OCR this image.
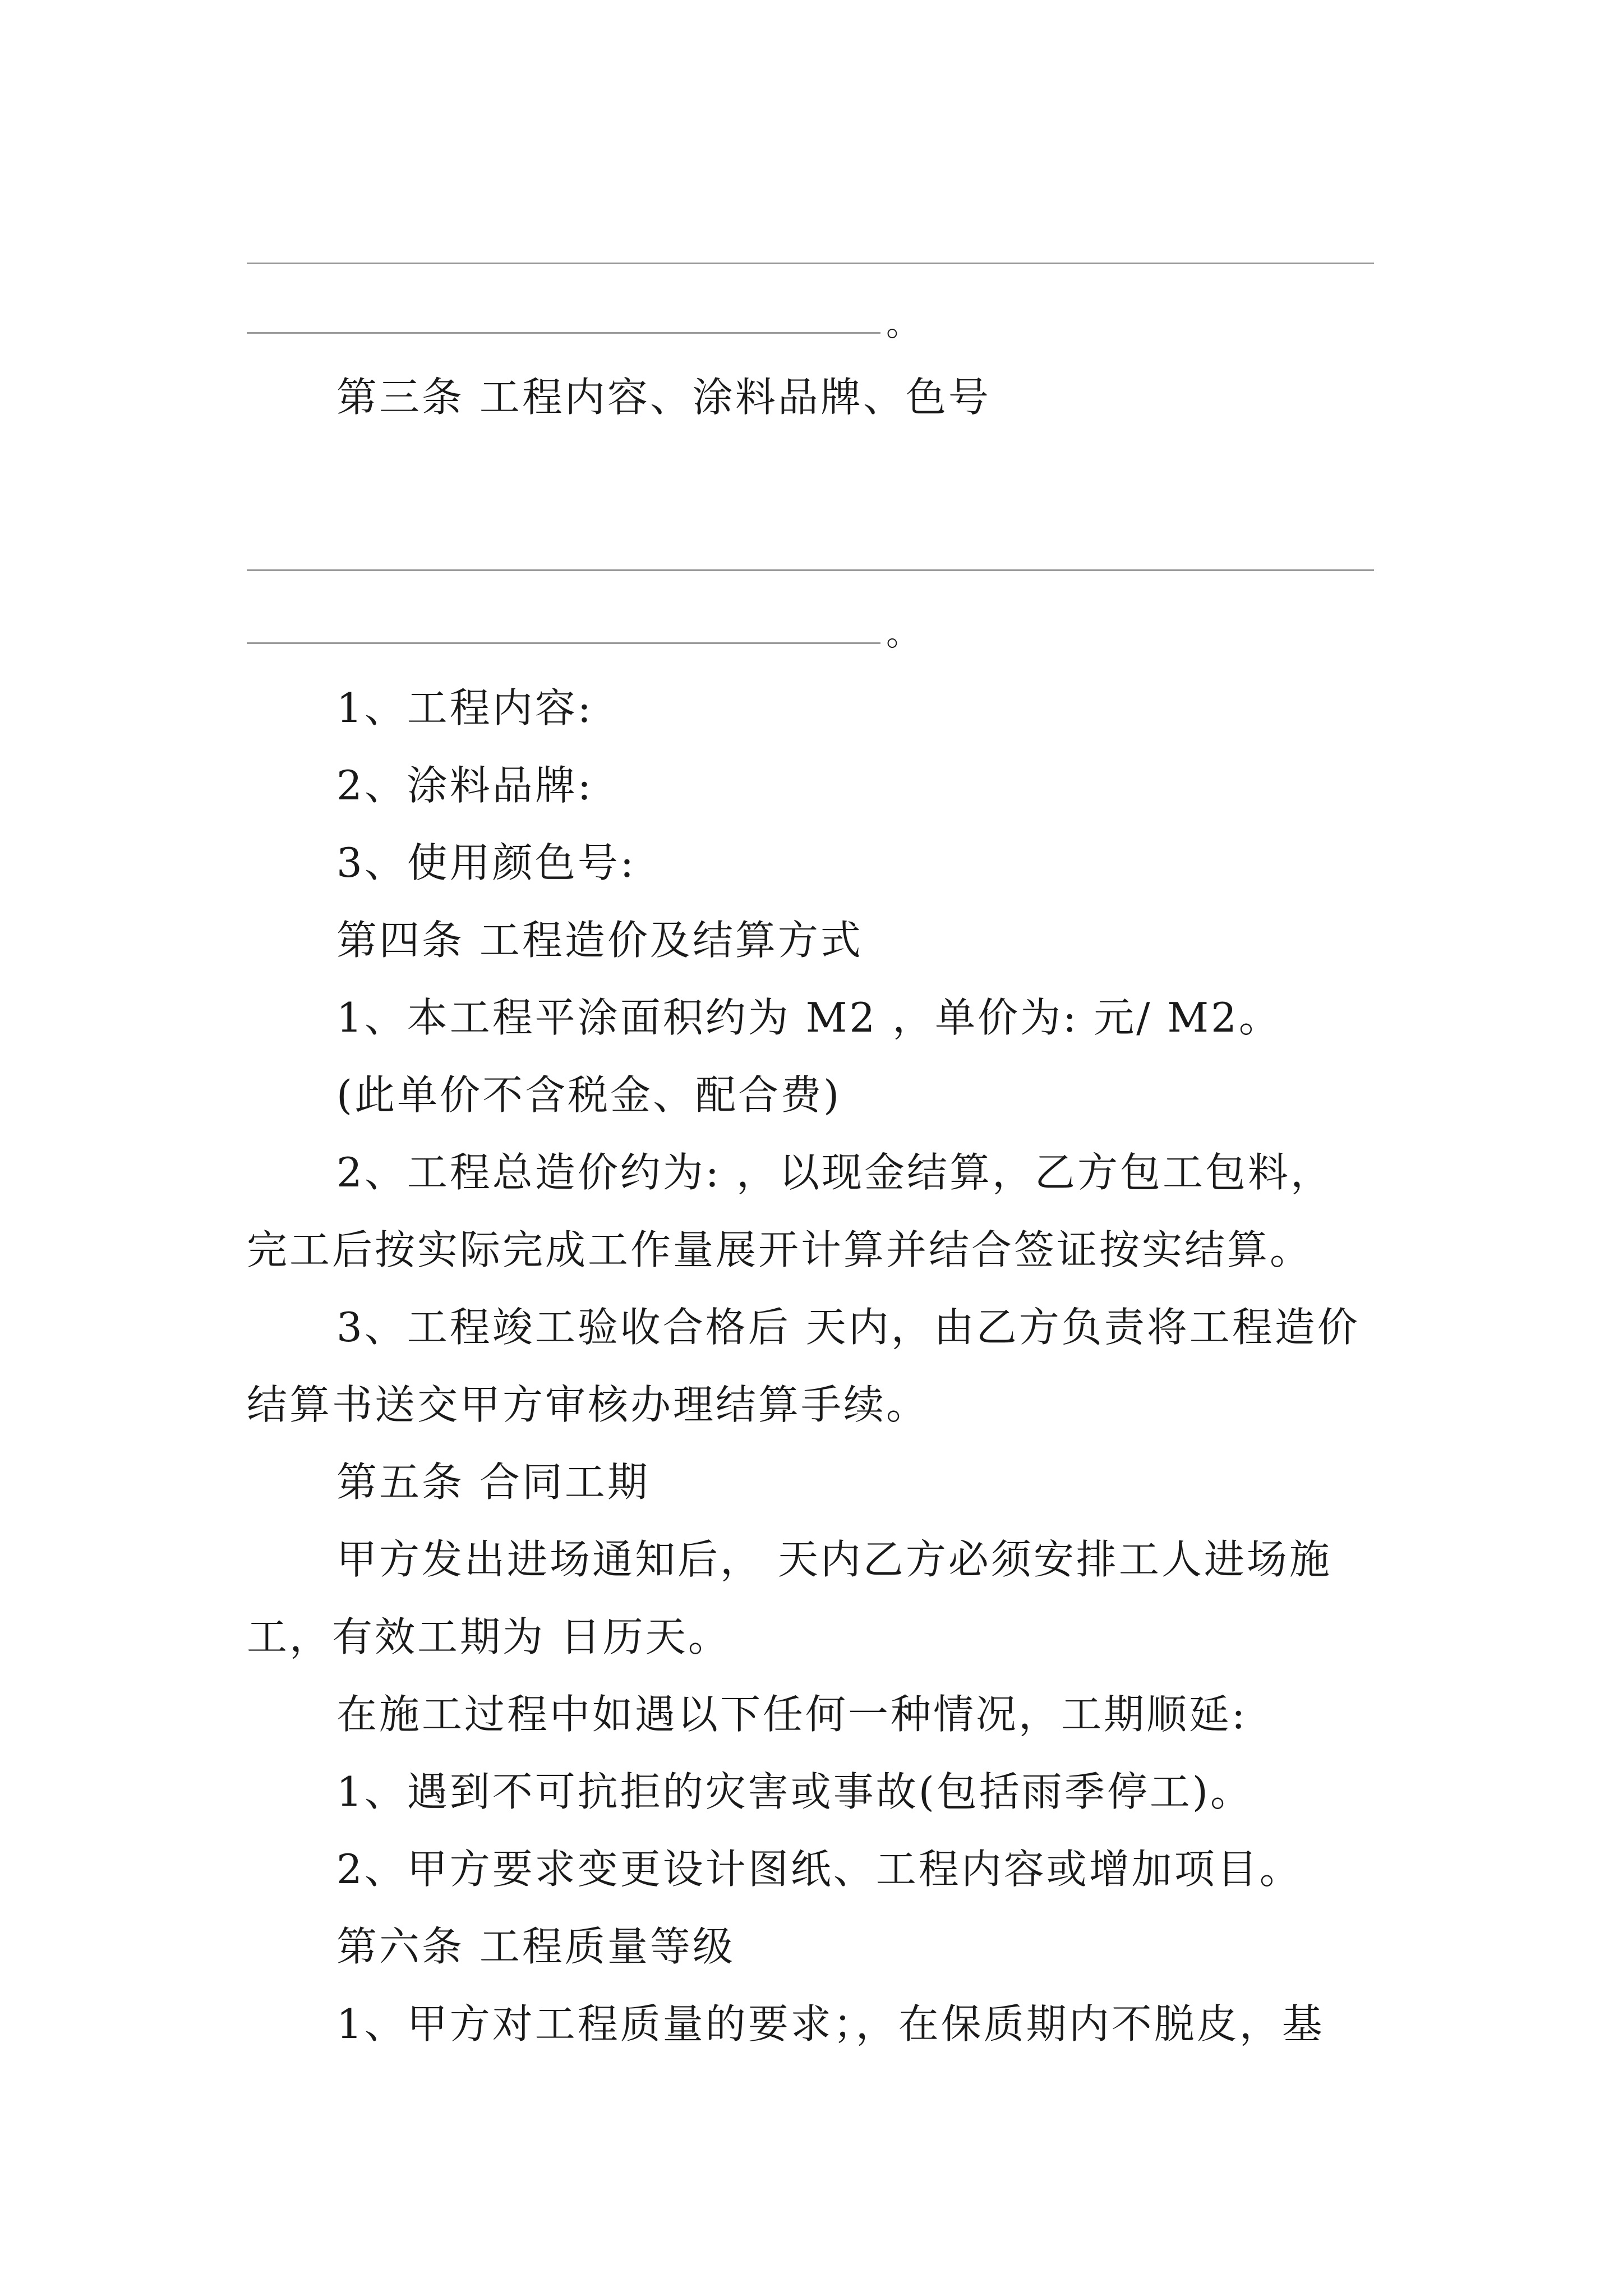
。
第三条 工程内容、涂料品牌、色号
。
1、工程内容:
2、涂料品牌:
3、使用颜色号:
第四条 工程造价及结算方式
1、本工程平涂面积约为 M2 ，单价为: 元/ M2。
(此单价不含税金、配合费)
2、工程总造价约为: ，以现金结算，乙方包工包料，
完工后按实际完成工作量展开计算并结合签证按实结算。
3、工程竣工验收合格后 天内，由乙方负责将工程造价
结算书送交甲方审核办理结算手续。
第五条 合同工期
甲方发出进场通知后， 天内乙方必须安排工人进场施
工，有效工期为 日历天。
在施工过程中如遇以下任何一种情况，工期顺延:
1、遇到不可抗拒的灾害或事故(包括雨季停工)。
2、甲方要求变更设计图纸、工程内容或增加项目。
第六条 工程质量等级
1、甲方对工程质量的要求；，在保质期内不脱皮，基
